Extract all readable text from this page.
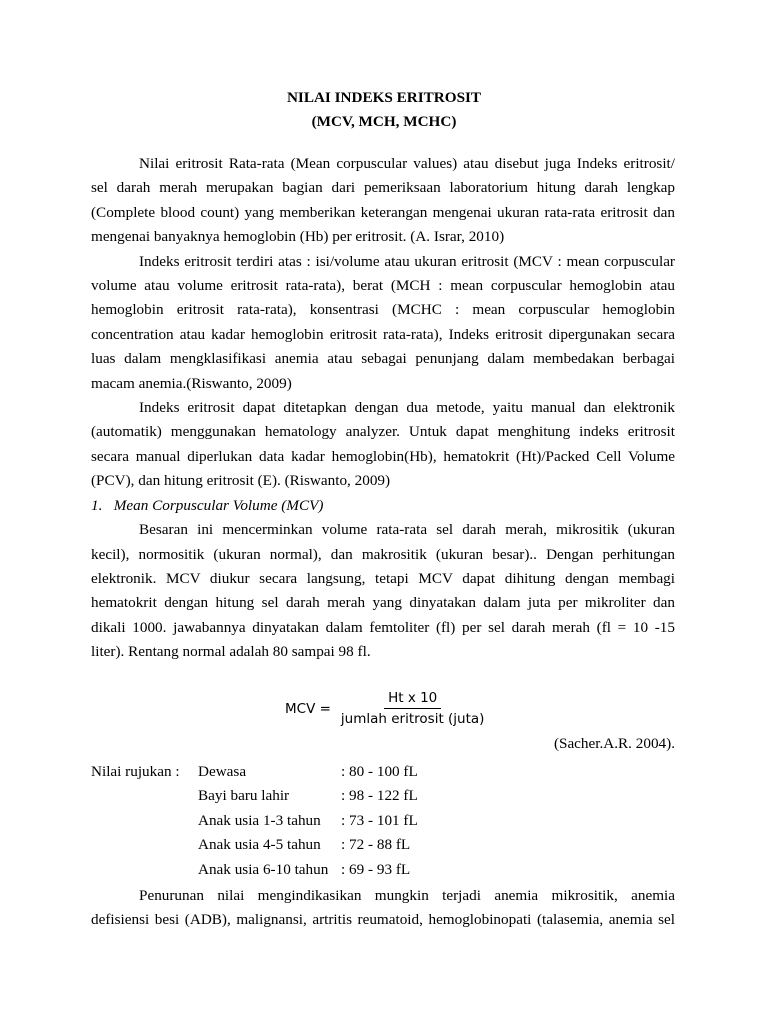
NILAI INDEKS ERITROSIT
(MCV, MCH, MCHC)
Nilai eritrosit Rata-rata (Mean corpuscular values) atau disebut juga Indeks eritrosit/
sel darah merah merupakan bagian dari pemeriksaan laboratorium hitung darah lengkap
(Complete blood count) yang memberikan keterangan mengenai ukuran rata-rata eritrosit dan
mengenai banyaknya hemoglobin (Hb) per eritrosit. (A. Israr, 2010)
Indeks eritrosit terdiri atas : isi/volume atau ukuran eritrosit (MCV : mean corpuscular
volume atau volume eritrosit rata-rata), berat (MCH : mean corpuscular hemoglobin atau
hemoglobin eritrosit rata-rata), konsentrasi (MCHC : mean corpuscular hemoglobin
concentration atau kadar hemoglobin eritrosit rata-rata), Indeks eritrosit dipergunakan secara
luas dalam mengklasifikasi anemia atau sebagai penunjang dalam membedakan berbagai
macam anemia.(Riswanto, 2009)
Indeks eritrosit dapat ditetapkan dengan dua metode, yaitu manual dan elektronik
(automatik) menggunakan hematology analyzer. Untuk dapat menghitung indeks eritrosit
secara manual diperlukan data kadar hemoglobin(Hb), hematokrit (Ht)/Packed Cell Volume
(PCV), dan hitung eritrosit (E). (Riswanto, 2009)
1.   Mean Corpuscular Volume (MCV)
Besaran ini mencerminkan volume rata-rata sel darah merah, mikrositik (ukuran
kecil), normositik (ukuran normal), dan makrositik (ukuran besar).. Dengan perhitungan
elektronik. MCV diukur secara langsung, tetapi MCV dapat dihitung dengan membagi
hematokrit dengan hitung sel darah merah yang dinyatakan dalam juta per mikroliter dan
dikali 1000. jawabannya dinyatakan dalam femtoliter (fl) per sel darah merah (fl = 10 -15
liter). Rentang normal adalah 80 sampai 98 fl.
MCV = $\frac{\text{Ht x 10}}{\text{jumlah eritrosit (juta)}}$
(Sacher.A.R. 2004).
Nilai rujukan :	Dewasa	: 80 - 100 fL
Bayi baru lahir	: 98 - 122 fL
Anak usia 1-3 tahun : 73 - 101 fL
Anak usia 4-5 tahun : 72 - 88 fL
Anak usia 6-10 tahun : 69 - 93 fL
Penurunan nilai mengindikasikan mungkin terjadi anemia mikrositik, anemia
defisiensi besi (ADB), malignansi, artritis reumatoid, hemoglobinopati (talasemia, anemia sel
